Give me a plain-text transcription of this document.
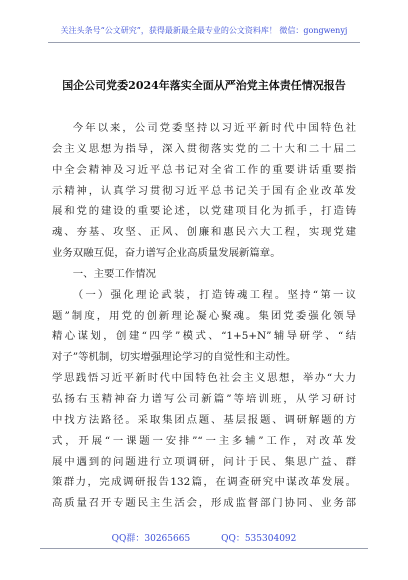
关注头条号“公文研究”，获得最新最全最专业的公文资料库！ 微信：gongwenyj
国企公司党委2024年落实全面从严治党主体责任情况报告
今年以来，公司党委坚持以习近平新时代中国特色社
会主义思想为指导，深入贯彻落实党的二十大和二十届二
中全会精神及习近平总书记对全省工作的重要讲话重要指
示精神，认真学习贯彻习近平总书记关于国有企业改革发
展和党的建设的重要论述，以党建项目化为抓手，打造铸
魂、夯基、攻坚、正风、创廉和惠民六大工程，实现党建
业务双融互促，奋力谱写企业高质量发展新篇章。
一、主要工作情况
（一）强化理论武装，打造铸魂工程。坚持“第一议
题”制度，用党的创新理论凝心聚魂。集团党委强化领导
精心谋划，创建“四学”模式、“1+5+N”辅导研学、“结
对子”等机制，切实增强理论学习的自觉性和主动性。
学思践悟习近平新时代中国特色社会主义思想，举办“大力
弘扬右玉精神奋力谱写公司新篇”等培训班，从学习研讨
中找方法路径。采取集团点题、基层报题、调研解题的方
式，开展“一课题一安排”“一主多辅”工作，对改革发
展中遇到的问题进行立项调研，问计于民、集思广益、群
策群力，完成调研报告132篇，在调查研究中谋改革发展。
高质量召开专题民主生活会，形成监督部门协同、业务部
QQ群：30265665	QQ：535304092
